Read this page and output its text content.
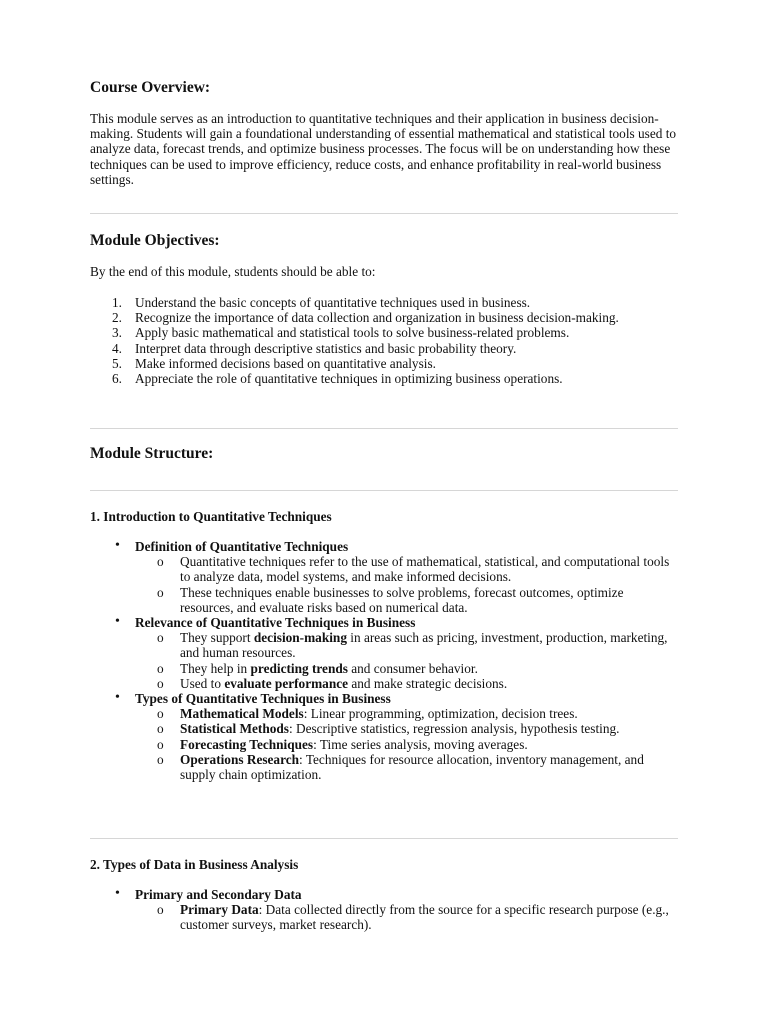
Course Overview:

This module serves as an introduction to quantitative techniques and their application in business decision-making. Students will gain a foundational understanding of essential mathematical and statistical tools used to analyze data, forecast trends, and optimize business processes. The focus will be on understanding how these techniques can be used to improve efficiency, reduce costs, and enhance profitability in real-world business settings.

Module Objectives:

By the end of this module, students should be able to:

1. Understand the basic concepts of quantitative techniques used in business.
2. Recognize the importance of data collection and organization in business decision-making.
3. Apply basic mathematical and statistical tools to solve business-related problems.
4. Interpret data through descriptive statistics and basic probability theory.
5. Make informed decisions based on quantitative analysis.
6. Appreciate the role of quantitative techniques in optimizing business operations.
Module Structure:
1. Introduction to Quantitative Techniques
• Definition of Quantitative Techniques
o Quantitative techniques refer to the use of mathematical, statistical, and computational tools to analyze data, model systems, and make informed decisions.
o These techniques enable businesses to solve problems, forecast outcomes, optimize resources, and evaluate risks based on numerical data.
• Relevance of Quantitative Techniques in Business
o They support decision-making in areas such as pricing, investment, production, marketing, and human resources.
o They help in predicting trends and consumer behavior.
o Used to evaluate performance and make strategic decisions.
• Types of Quantitative Techniques in Business
o Mathematical Models: Linear programming, optimization, decision trees.
o Statistical Methods: Descriptive statistics, regression analysis, hypothesis testing.
o Forecasting Techniques: Time series analysis, moving averages.
o Operations Research: Techniques for resource allocation, inventory management, and supply chain optimization.
2. Types of Data in Business Analysis
• Primary and Secondary Data
o Primary Data: Data collected directly from the source for a specific research purpose (e.g., customer surveys, market research).
